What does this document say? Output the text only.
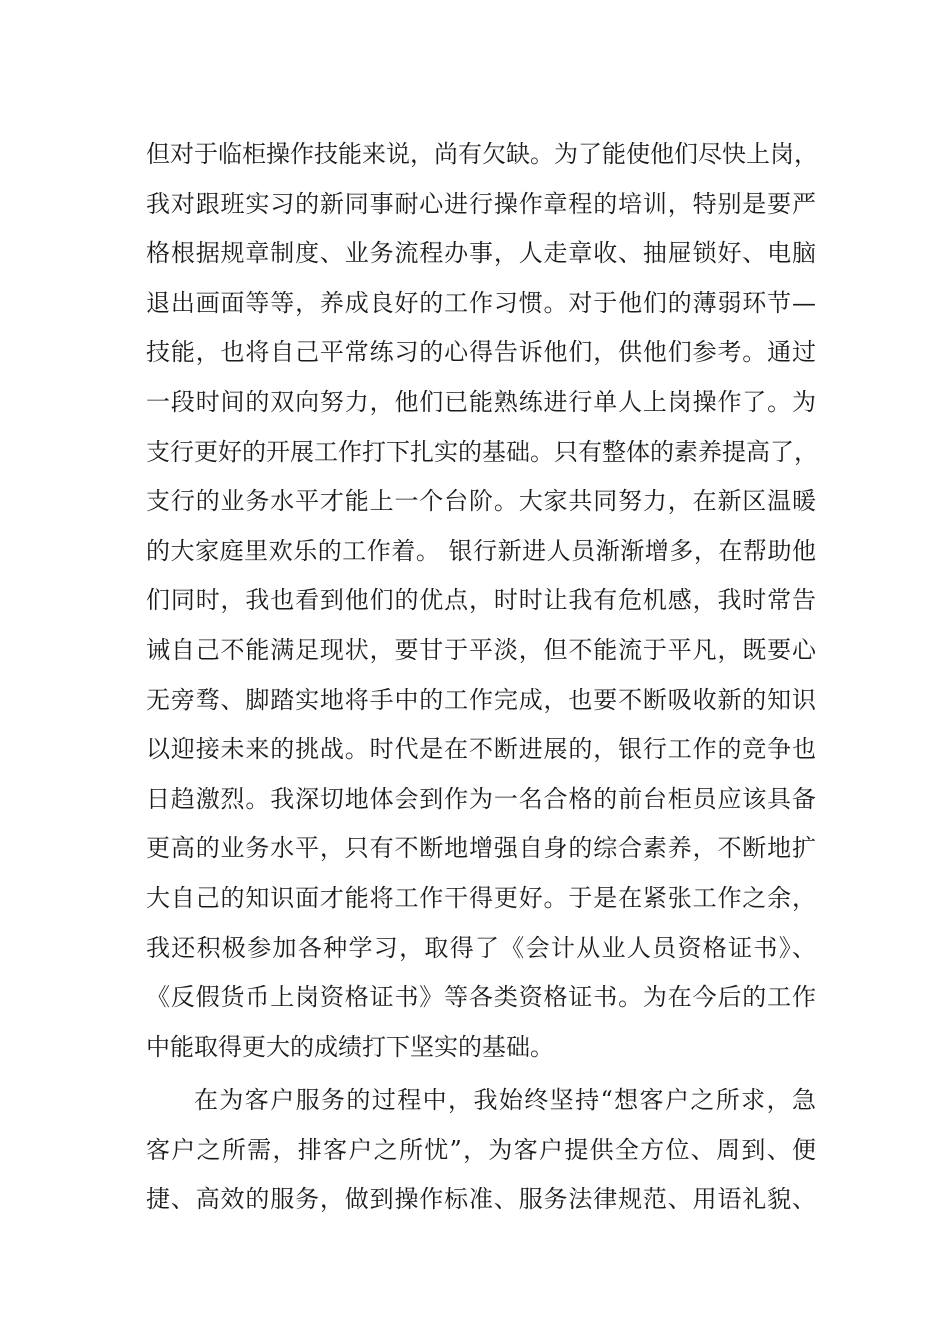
但对于临柜操作技能来说，尚有欠缺。为了能使他们尽快上岗，
我对跟班实习的新同事耐心进行操作章程的培训，特别是要严
格根据规章制度、业务流程办事，人走章收、抽屉锁好、电脑
退出画面等等，养成良好的工作习惯。对于他们的薄弱环节—
技能，也将自己平常练习的心得告诉他们，供他们参考。通过
一段时间的双向努力，他们已能熟练进行单人上岗操作了。为
支行更好的开展工作打下扎实的基础。只有整体的素养提高了，
支行的业务水平才能上一个台阶。大家共同努力，在新区温暖
的大家庭里欢乐的工作着。 银行新进人员渐渐增多，在帮助他
们同时，我也看到他们的优点，时时让我有危机感，我时常告
诫自己不能满足现状，要甘于平淡，但不能流于平凡，既要心
无旁骛、脚踏实地将手中的工作完成，也要不断吸收新的知识
以迎接未来的挑战。时代是在不断进展的，银行工作的竞争也
日趋激烈。我深切地体会到作为一名合格的前台柜员应该具备
更高的业务水平，只有不断地增强自身的综合素养，不断地扩
大自己的知识面才能将工作干得更好。于是在紧张工作之余，
我还积极参加各种学习，取得了《会计从业人员资格证书》、
《反假货币上岗资格证书》等各类资格证书。为在今后的工作
中能取得更大的成绩打下坚实的基础。
在为客户服务的过程中，我始终坚持“想客户之所求，急
客户之所需，排客户之所忧”，为客户提供全方位、周到、便
捷、高效的服务，做到操作标准、服务法律规范、用语礼貌、
